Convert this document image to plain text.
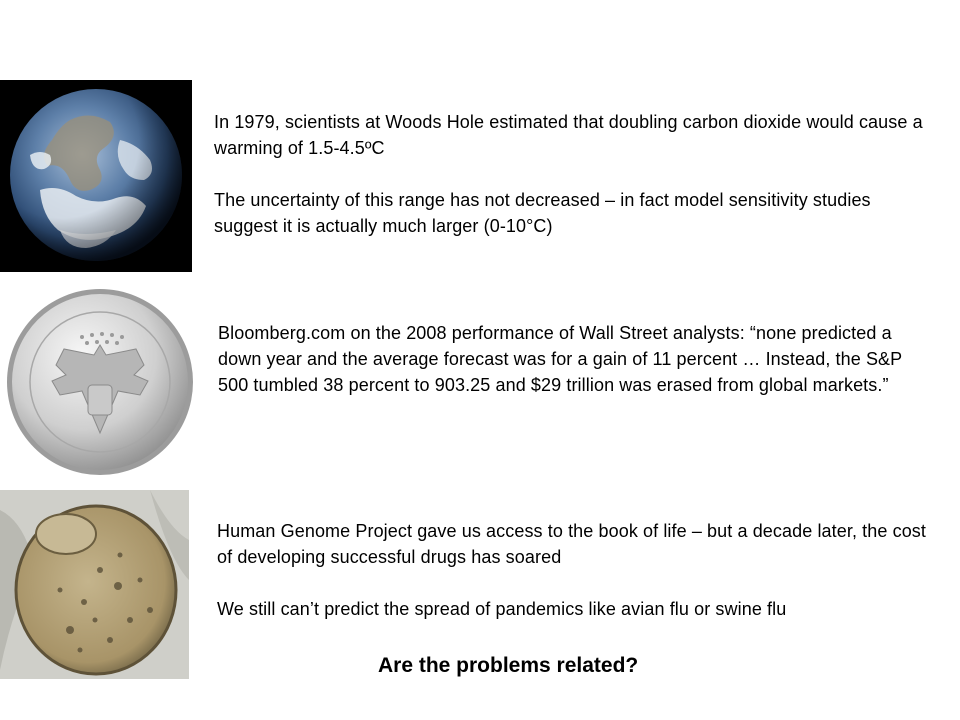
In 1979, scientists at Woods Hole estimated that doubling carbon dioxide would cause a warming of 1.5-4.5ºC

The uncertainty of this range has not decreased – in fact model sensitivity studies suggest it is actually much larger (0-10°C)

Bloomberg.com on the 2008 performance of Wall Street analysts: “none predicted a down year and the average forecast was for a gain of 11 percent … Instead, the S&P 500 tumbled 38 percent to 903.25 and $29 trillion was erased from global markets.”

Human Genome Project gave us access to the book of life – but a decade later, the cost of developing successful drugs has soared

We still can’t predict the spread of pandemics like avian flu or swine flu

Are the problems related?
